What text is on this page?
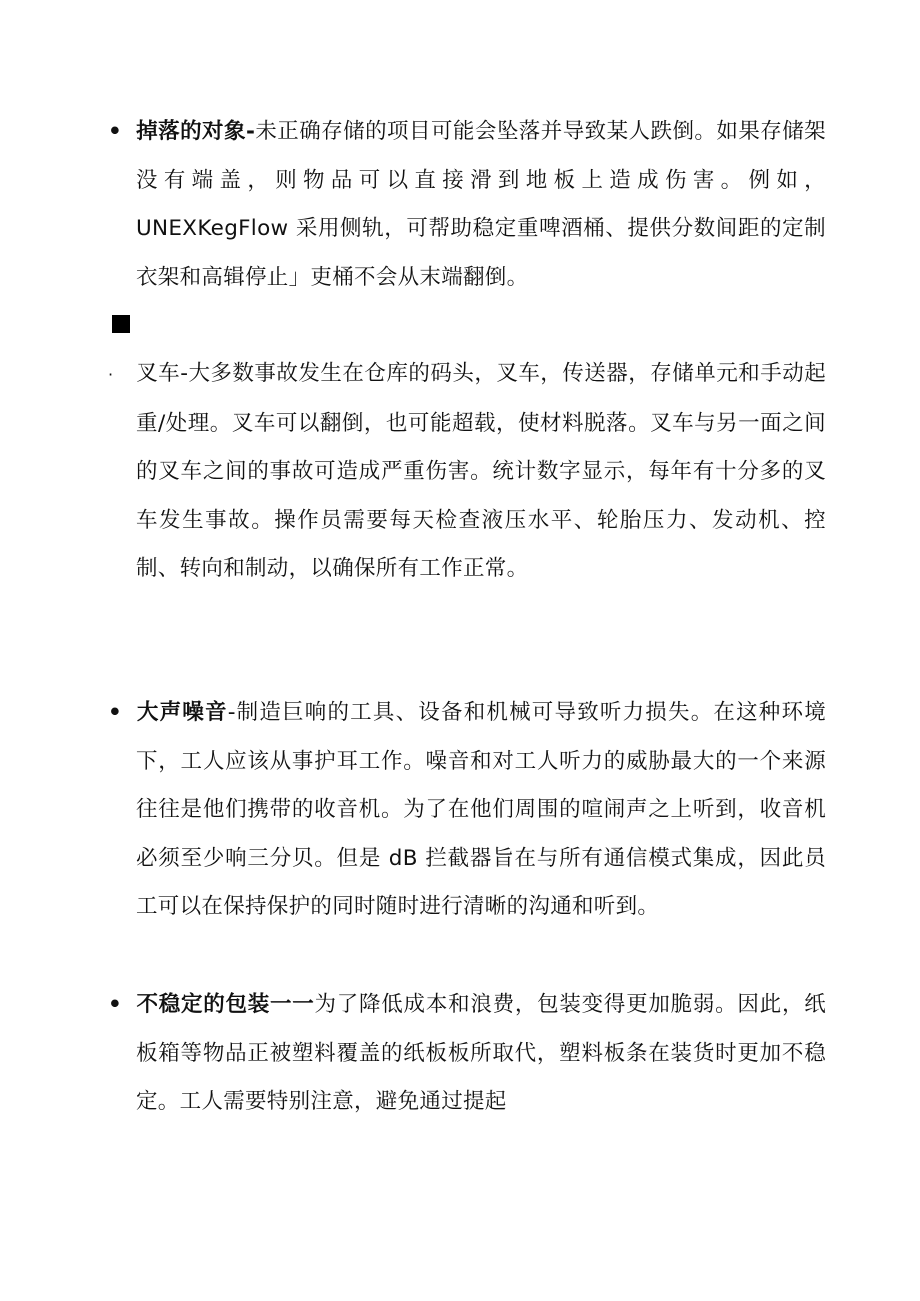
• 掉落的对象-未正确存储的项目可能会坠落并导致某人跌倒。如果存储架没有端盖，则物品可以直接滑到地板上造成伤害。例如，UNEXKegFlow 采用侧轨，可帮助稳定重啤酒桶、提供分数间距的定制衣架和高辑停止」吏桶不会从末端翻倒。

· 叉车-大多数事故发生在仓库的码头，叉车，传送器，存储单元和手动起重/处理。叉车可以翻倒，也可能超载，使材料脱落。叉车与另一面之间的叉车之间的事故可造成严重伤害。统计数字显示，每年有十分多的叉车发生事故。操作员需要每天检查液压水平、轮胎压力、发动机、控制、转向和制动，以确保所有工作正常。

• 大声噪音-制造巨响的工具、设备和机械可导致听力损失。在这种环境下，工人应该从事护耳工作。噪音和对工人听力的威胁最大的一个来源往往是他们携带的收音机。为了在他们周围的喧闹声之上听到，收音机必须至少响三分贝。但是 dB 拦截器旨在与所有通信模式集成，因此员工可以在保持保护的同时随时进行清晰的沟通和听到。

• 不稳定的包装一一为了降低成本和浪费，包装变得更加脆弱。因此，纸板箱等物品正被塑料覆盖的纸板板所取代，塑料板条在装货时更加不稳定。工人需要特别注意，避免通过提起
